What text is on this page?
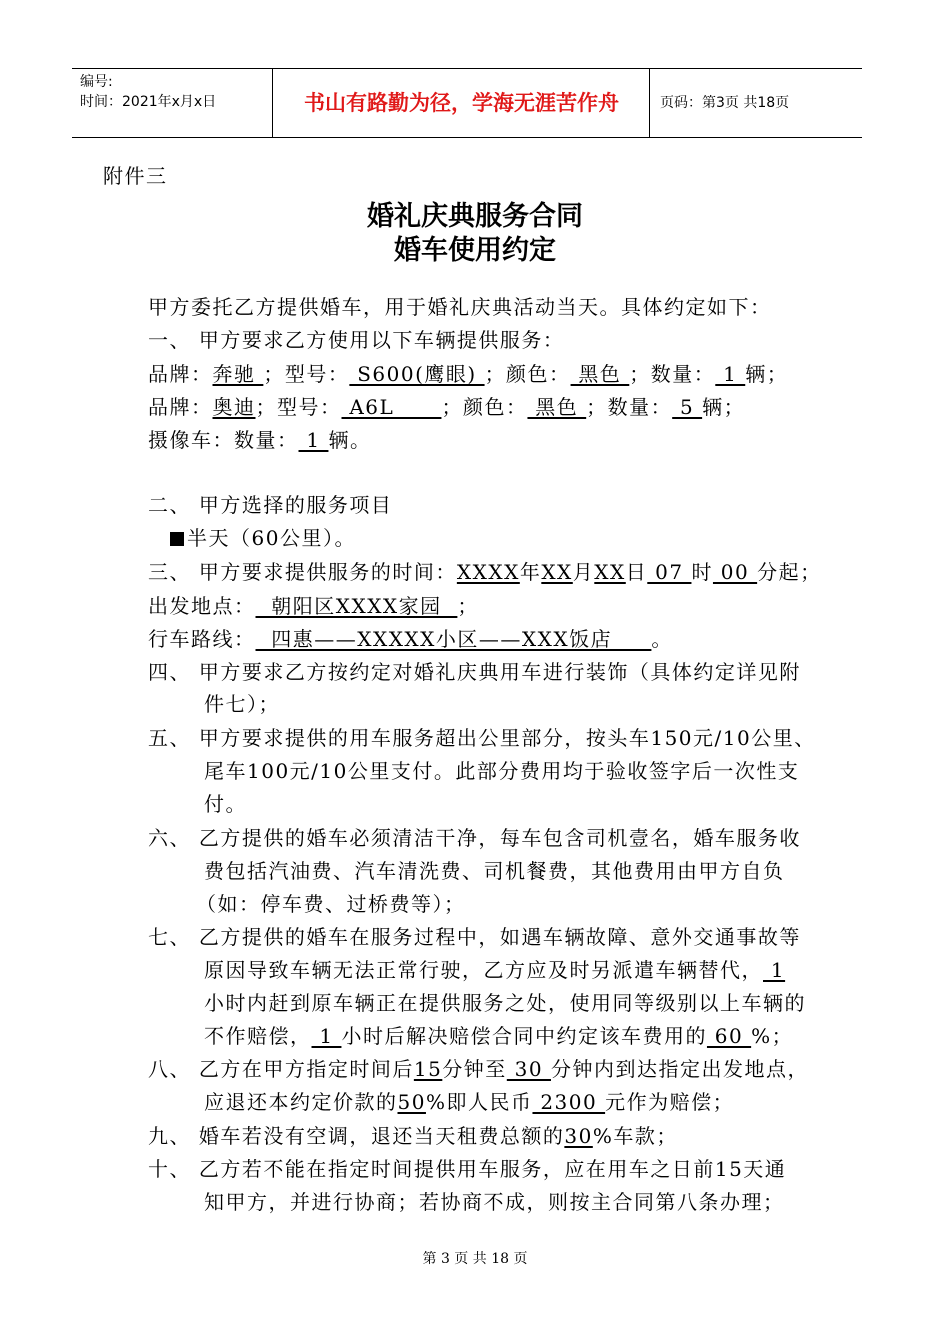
编号:
时间：2021年x月x日	书山有路勤为径，学海无涯苦作舟	页码：第3页 共18页
附件三
婚礼庆典服务合同
婚车使用约定
甲方委托乙方提供婚车，用于婚礼庆典活动当天。具体约定如下：
一、 甲方要求乙方使用以下车辆提供服务：
品牌：奔驰 ；型号： S600(鹰眼) ；颜色： 黑色 ；数量： 1 辆；
品牌：奥迪；型号： A6L      ；颜色： 黑色 ；数量： 5 辆；
摄像车：数量： 1 辆。
二、 甲方选择的服务项目
半天（60公里）。
三、 甲方要求提供服务的时间：XXXX年XX月XX日 07 时 00 分起；
出发地点：  朝阳区XXXX家园  ；
行车路线：  四惠——XXXXX小区——XXX饭店     。
四、 甲方要求乙方按约定对婚礼庆典用车进行装饰（具体约定详见附
件七）；
五、 甲方要求提供的用车服务超出公里部分，按头车150元/10公里、
尾车100元/10公里支付。此部分费用均于验收签字后一次性支
付。
六、 乙方提供的婚车必须清洁干净，每车包含司机壹名，婚车服务收
费包括汽油费、汽车清洗费、司机餐费，其他费用由甲方自负
（如：停车费、过桥费等）；
七、 乙方提供的婚车在服务过程中，如遇车辆故障、意外交通事故等
原因导致车辆无法正常行驶，乙方应及时另派遣车辆替代， 1
小时内赶到原车辆正在提供服务之处，使用同等级别以上车辆的
不作赔偿， 1 小时后解决赔偿合同中约定该车费用的 60 %；
八、 乙方在甲方指定时间后15分钟至 30 分钟内到达指定出发地点，
应退还本约定价款的50%即人民币 2300 元作为赔偿；
九、 婚车若没有空调，退还当天租费总额的30%车款；
十、 乙方若不能在指定时间提供用车服务，应在用车之日前15天通
知甲方，并进行协商；若协商不成，则按主合同第八条办理；
第 3 页 共 18 页
